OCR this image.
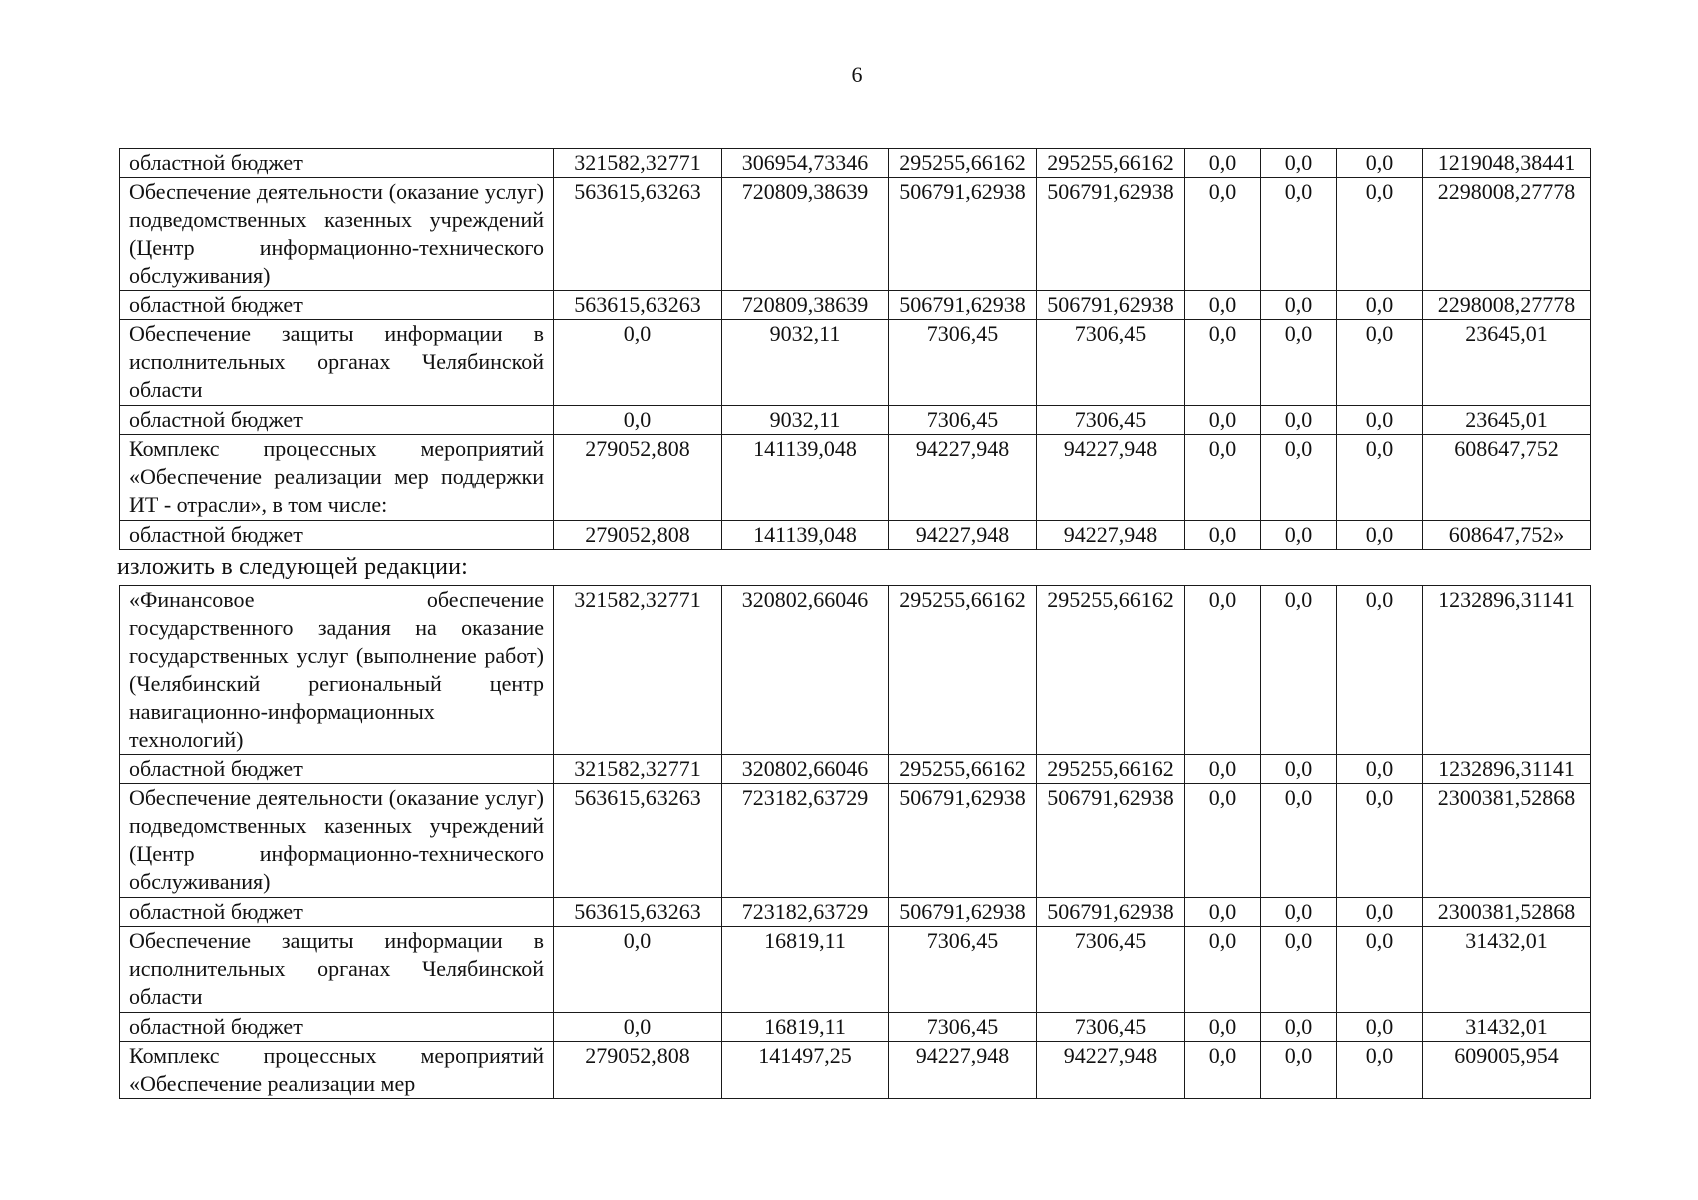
6
областной бюджет	321582,32771	306954,73346	295255,66162	295255,66162	0,0	0,0	0,0	1219048,38441
Обеспечение деятельности (оказание услуг) подведомственных казенных учреждений (Центр информационно-технического обслуживания)	563615,63263	720809,38639	506791,62938	506791,62938	0,0	0,0	0,0	2298008,27778
областной бюджет	563615,63263	720809,38639	506791,62938	506791,62938	0,0	0,0	0,0	2298008,27778
Обеспечение защиты информации в исполнительных органах Челябинской области	0,0	9032,11	7306,45	7306,45	0,0	0,0	0,0	23645,01
областной бюджет	0,0	9032,11	7306,45	7306,45	0,0	0,0	0,0	23645,01
Комплекс процессных мероприятий «Обеспечение реализации мер поддержки ИТ - отрасли», в том числе:	279052,808	141139,048	94227,948	94227,948	0,0	0,0	0,0	608647,752
областной бюджет	279052,808	141139,048	94227,948	94227,948	0,0	0,0	0,0	608647,752»
изложить в следующей редакции:
«Финансовое обеспечение государственного задания на оказание государственных услуг (выполнение работ) (Челябинский региональный центр навигационно-информационных технологий)	321582,32771	320802,66046	295255,66162	295255,66162	0,0	0,0	0,0	1232896,31141
областной бюджет	321582,32771	320802,66046	295255,66162	295255,66162	0,0	0,0	0,0	1232896,31141
Обеспечение деятельности (оказание услуг) подведомственных казенных учреждений (Центр информационно-технического обслуживания)	563615,63263	723182,63729	506791,62938	506791,62938	0,0	0,0	0,0	2300381,52868
областной бюджет	563615,63263	723182,63729	506791,62938	506791,62938	0,0	0,0	0,0	2300381,52868
Обеспечение защиты информации в исполнительных органах Челябинской области	0,0	16819,11	7306,45	7306,45	0,0	0,0	0,0	31432,01
областной бюджет	0,0	16819,11	7306,45	7306,45	0,0	0,0	0,0	31432,01
Комплекс процессных мероприятий «Обеспечение реализации мер	279052,808	141497,25	94227,948	94227,948	0,0	0,0	0,0	609005,954
